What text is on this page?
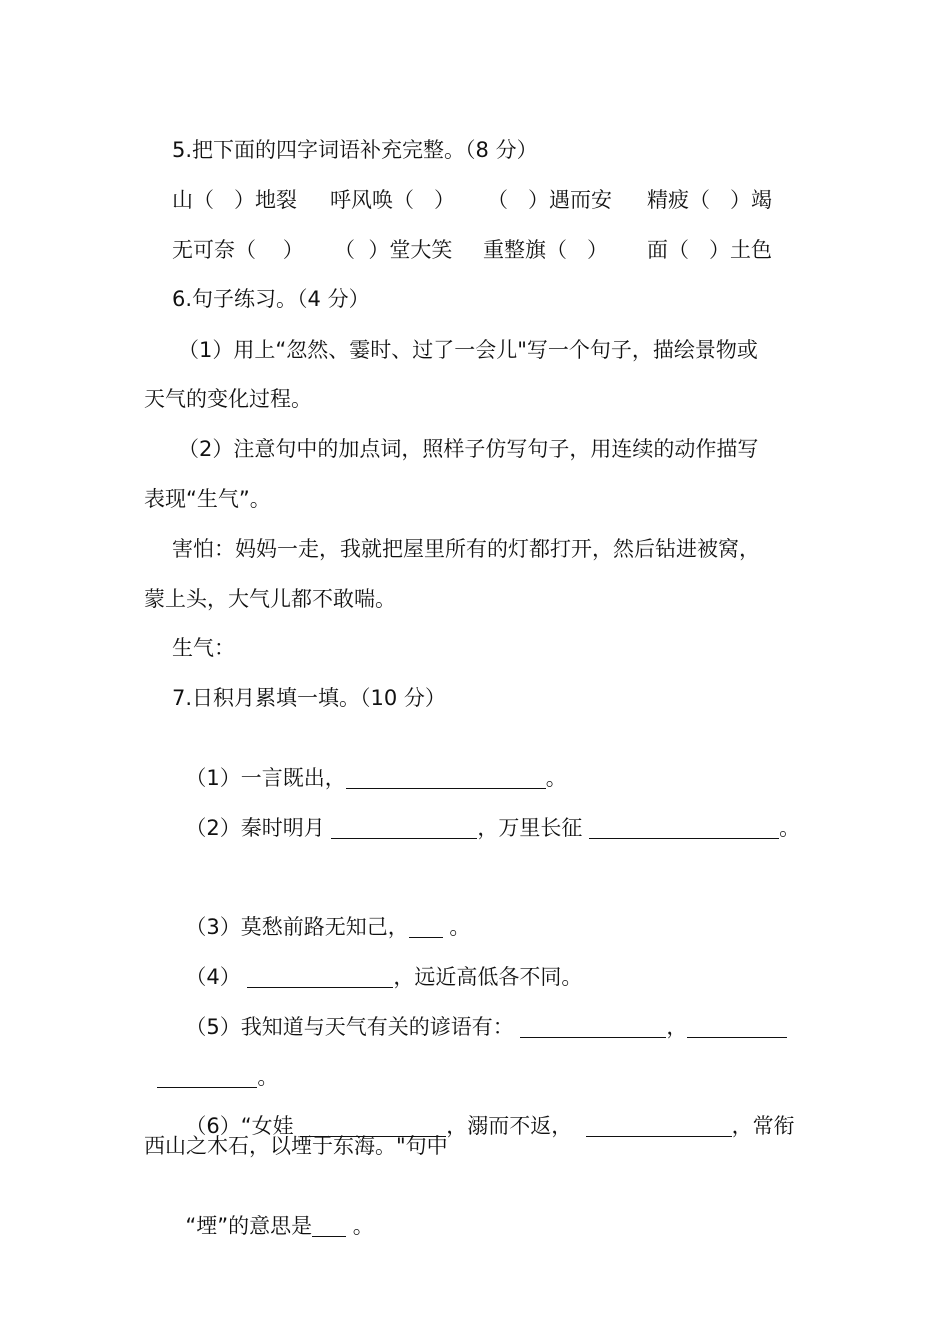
5.把下面的四字词语补充完整。（8 分）
山（   ）地裂 呼风唤（   ） （   ）遇而安 精疲（   ）竭
无可奈（    ） （  ）堂大笑 重整旗（   ） 面（   ）土色
6.句子练习。（4 分）
（1）用上“忽然、霎时、过了一会儿"写一个句子，描绘景物或
天气的变化过程。
（2）注意句中的加点词，照样子仿写句子，用连续的动作描写
表现“生气”。
害怕：妈妈一走，我就把屋里所有的灯都打开，然后钻进被窝，
蒙上头，大气儿都不敢喘。
生气：
7.日积月累填一填。（10 分）

（1）一言既出，	。

（2）秦时明月	，万里长征	。

（3）莫愁前路无知己， 。

（4）	，远近高低各不同。

（5）我知道与天气有关的谚语有：	，

。

（6）“女娃	，溺而不返，	，常衔

西山之木石，以堙于东海。"句中

“堙”的意思是 。
